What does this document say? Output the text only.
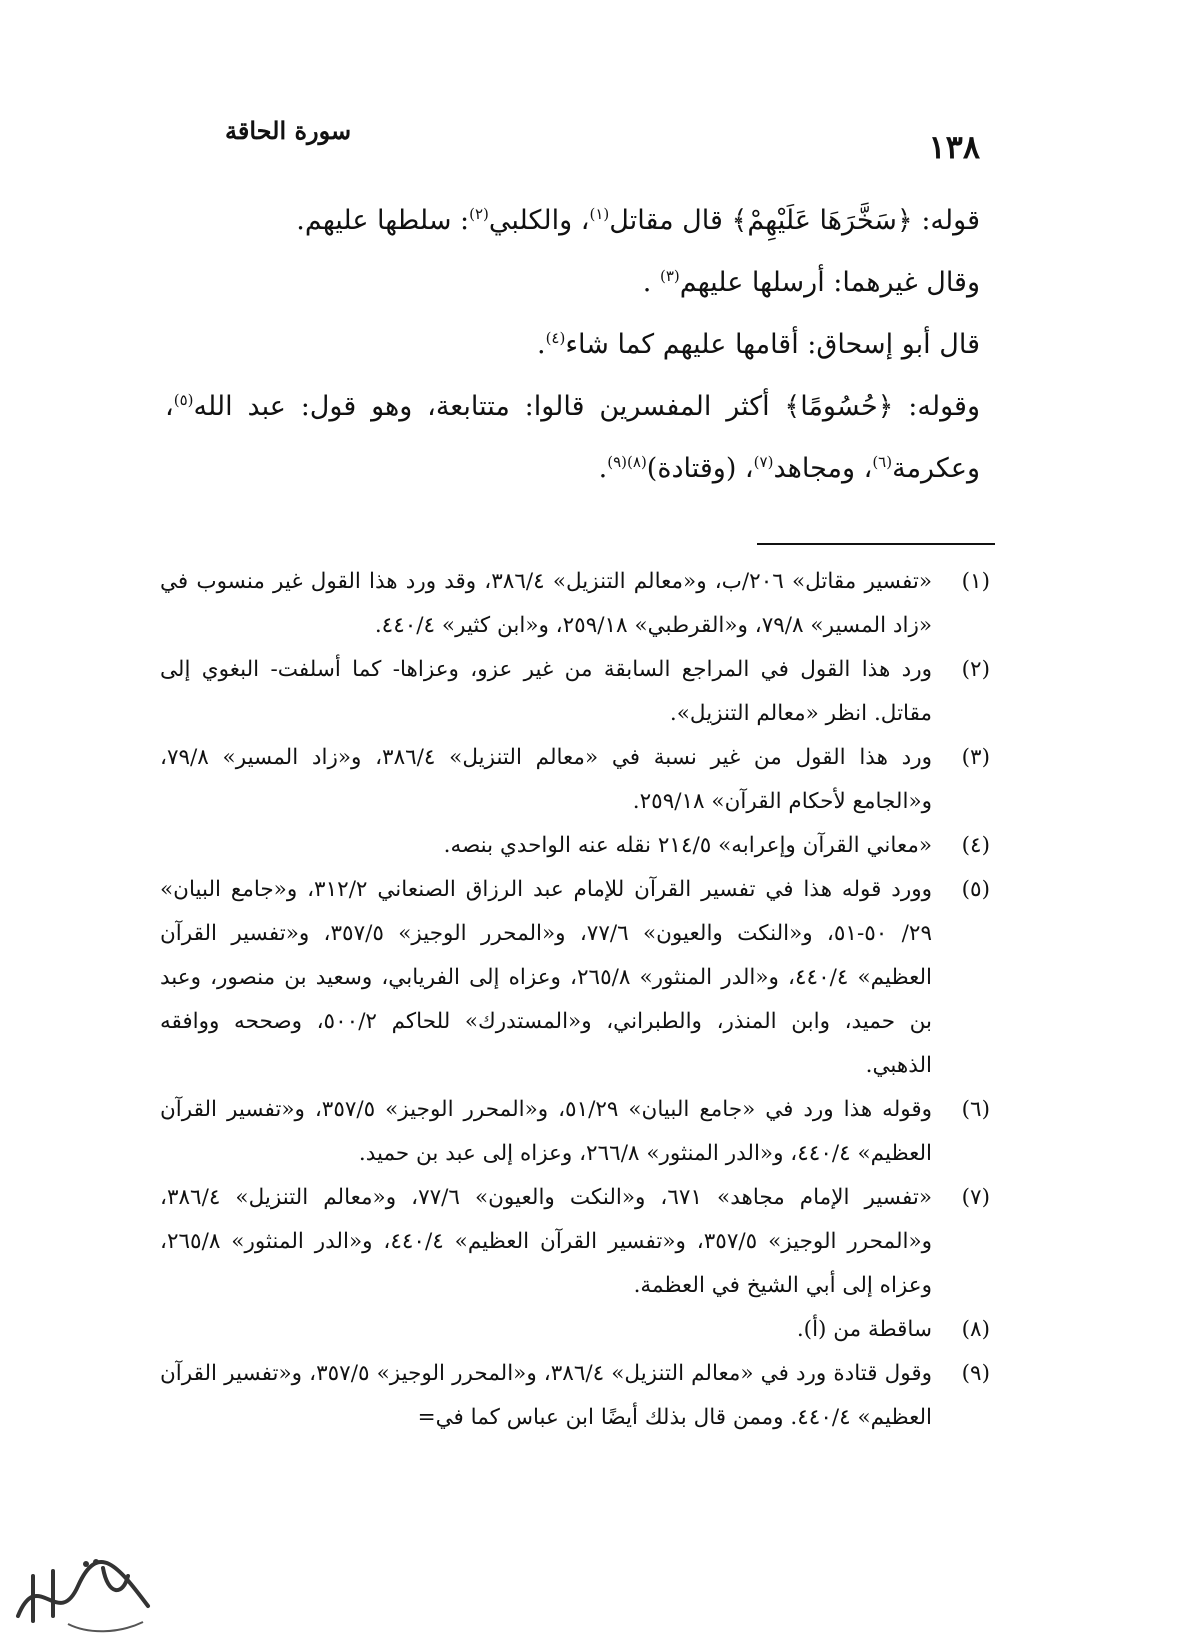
١٣٨
سورة الحاقة

قوله: ﴿سَخَّرَهَا عَلَيْهِمْ﴾ قال مقاتل$^{(١)}$، والكلبي$^{(٢)}$: سلطها عليهم.

وقال غيرهما: أرسلها عليهم$^{(٣)}$ .

قال أبو إسحاق: أقامها عليهم كما شاء$^{(٤)}$.

وقوله: ﴿حُسُومًا﴾ أكثر المفسرين قالوا: متتابعة، وهو قول: عبد الله$^{(٥)}$، وعكرمة$^{(٦)}$، ومجاهد$^{(٧)}$، (وقتادة)$^{(٨)(٩)}$.

(١)
«تفسير مقاتل» ٢٠٦/ب، و«معالم التنزيل» ٣٨٦/٤، وقد ورد هذا القول غير منسوب في «زاد المسير» ٧٩/٨، و«القرطبي» ٢٥٩/١٨، و«ابن كثير» ٤٤٠/٤.
(٢)
ورد هذا القول في المراجع السابقة من غير عزو، وعزاها- كما أسلفت- البغوي إلى مقاتل. انظر «معالم التنزيل».
(٣)
ورد هذا القول من غير نسبة في «معالم التنزيل» ٣٨٦/٤، و«زاد المسير» ٧٩/٨، و«الجامع لأحكام القرآن» ٢٥٩/١٨.
(٤)
«معاني القرآن وإعرابه» ٢١٤/٥ نقله عنه الواحدي بنصه.
(٥)
وورد قوله هذا في تفسير القرآن للإمام عبد الرزاق الصنعاني ٣١٢/٢، و«جامع البيان» ٢٩/ ٥٠-٥١، و«النكت والعيون» ٧٧/٦، و«المحرر الوجيز» ٣٥٧/٥، و«تفسير القرآن العظيم» ٤٤٠/٤، و«الدر المنثور» ٢٦٥/٨، وعزاه إلى الفريابي، وسعيد بن منصور، وعبد بن حميد، وابن المنذر، والطبراني، و«المستدرك» للحاكم ٥٠٠/٢، وصححه ووافقه الذهبي.
(٦)
وقوله هذا ورد في «جامع البيان» ٥١/٢٩، و«المحرر الوجيز» ٣٥٧/٥، و«تفسير القرآن العظيم» ٤٤٠/٤، و«الدر المنثور» ٢٦٦/٨، وعزاه إلى عبد بن حميد.
(٧)
«تفسير الإمام مجاهد» ٦٧١، و«النكت والعيون» ٧٧/٦، و«معالم التنزيل» ٣٨٦/٤، و«المحرر الوجيز» ٣٥٧/٥، و«تفسير القرآن العظيم» ٤٤٠/٤، و«الدر المنثور» ٢٦٥/٨، وعزاه إلى أبي الشيخ في العظمة.
(٨)
ساقطة من (أ).
(٩)
وقول قتادة ورد في «معالم التنزيل» ٣٨٦/٤، و«المحرر الوجيز» ٣٥٧/٥، و«تفسير القرآن العظيم» ٤٤٠/٤. وممن قال بذلك أيضًا ابن عباس كما في=
